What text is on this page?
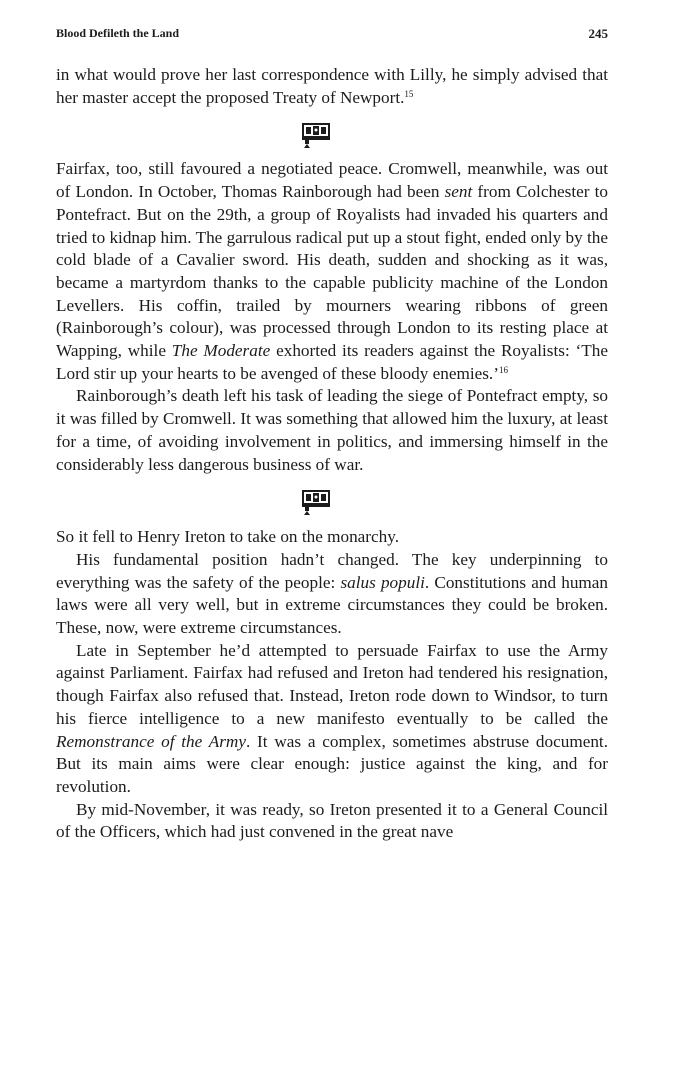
Blood Defileth the Land	245

in what would prove her last correspondence with Lilly, he simply advised that her master accept the proposed Treaty of Newport.$^{15}$

Fairfax, too, still favoured a negotiated peace. Cromwell, meanwhile, was out of London. In October, Thomas Rainborough had been sent from Colchester to Pontefract. But on the 29th, a group of Royalists had invaded his quarters and tried to kidnap him. The garrulous radical put up a stout fight, ended only by the cold blade of a Cavalier sword. His death, sudden and shocking as it was, became a martyrdom thanks to the capable publicity machine of the London Levellers. His coffin, trailed by mourners wearing ribbons of green (Rainborough’s colour), was processed through London to its resting place at Wapping, while The Moderate exhorted its readers against the Royalists: ‘The Lord stir up your hearts to be avenged of these bloody enemies.’$^{16}$

Rainborough’s death left his task of leading the siege of Pontefract empty, so it was filled by Cromwell. It was something that allowed him the luxury, at least for a time, of avoiding involvement in politics, and immersing himself in the considerably less dangerous business of war.

So it fell to Henry Ireton to take on the monarchy.

His fundamental position hadn’t changed. The key underpinning to everything was the safety of the people: salus populi. Constitutions and human laws were all very well, but in extreme circumstances they could be broken. These, now, were extreme circumstances.

Late in September he’d attempted to persuade Fairfax to use the Army against Parliament. Fairfax had refused and Ireton had tendered his resignation, though Fairfax also refused that. Instead, Ireton rode down to Windsor, to turn his fierce intelligence to a new manifesto eventually to be called the Remonstrance of the Army. It was a complex, sometimes abstruse document. But its main aims were clear enough: justice against the king, and for revolution.

By mid-November, it was ready, so Ireton presented it to a General Council of the Officers, which had just convened in the great nave
